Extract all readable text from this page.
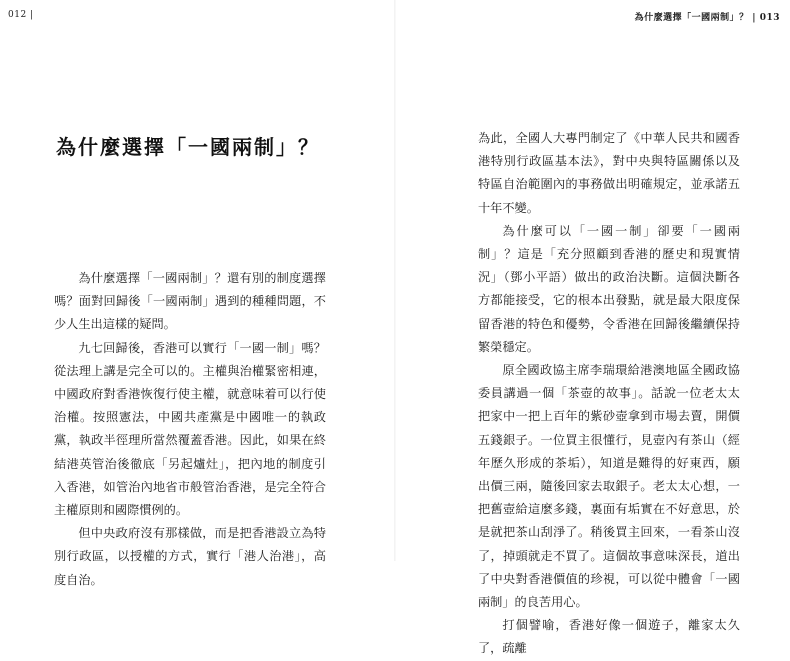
012 |	為什麼選擇「一國兩制」？ | 013
為什麼選擇「一國兩制」？

為什麼選擇「一國兩制」？還有別的制度選擇嗎？面對回歸後「一國兩制」遇到的種種問題，不少人生出這樣的疑問。

九七回歸後，香港可以實行「一國一制」嗎？從法理上講是完全可以的。主權與治權緊密相連，中國政府對香港恢復行使主權，就意味着可以行使治權。按照憲法，中國共產黨是中國唯一的執政黨，執政半徑理所當然覆蓋香港。因此，如果在終結港英管治後徹底「另起爐灶」，把內地的制度引入香港，如管治內地省市般管治香港，是完全符合主權原則和國際慣例的。

但中央政府沒有那樣做，而是把香港設立為特別行政區，以授權的方式，實行「港人治港」，高度自治。

為此，全國人大專門制定了《中華人民共和國香港特別行政區基本法》，對中央與特區關係以及特區自治範圍內的事務做出明確規定，並承諾五十年不變。

為什麼可以「一國一制」卻要「一國兩制」？這是「充分照顧到香港的歷史和現實情況」（鄧小平語）做出的政治決斷。這個決斷各方都能接受，它的根本出發點，就是最大限度保留香港的特色和優勢，令香港在回歸後繼續保持繁榮穩定。

原全國政協主席李瑞環給港澳地區全國政協委員講過一個「茶壺的故事」。話說一位老太太把家中一把上百年的紫砂壺拿到市場去賣，開價五錢銀子。一位買主很懂行，見壺內有茶山（經年歷久形成的茶垢），知道是難得的好東西，願出價三兩，隨後回家去取銀子。老太太心想，一把舊壺給這麼多錢，裏面有垢實在不好意思，於是就把茶山刮淨了。稍後買主回來，一看茶山沒了，掉頭就走不買了。這個故事意味深長，道出了中央對香港價值的珍視，可以從中體會「一國兩制」的良苦用心。

打個譬喻，香港好像一個遊子，離家太久了，疏離
